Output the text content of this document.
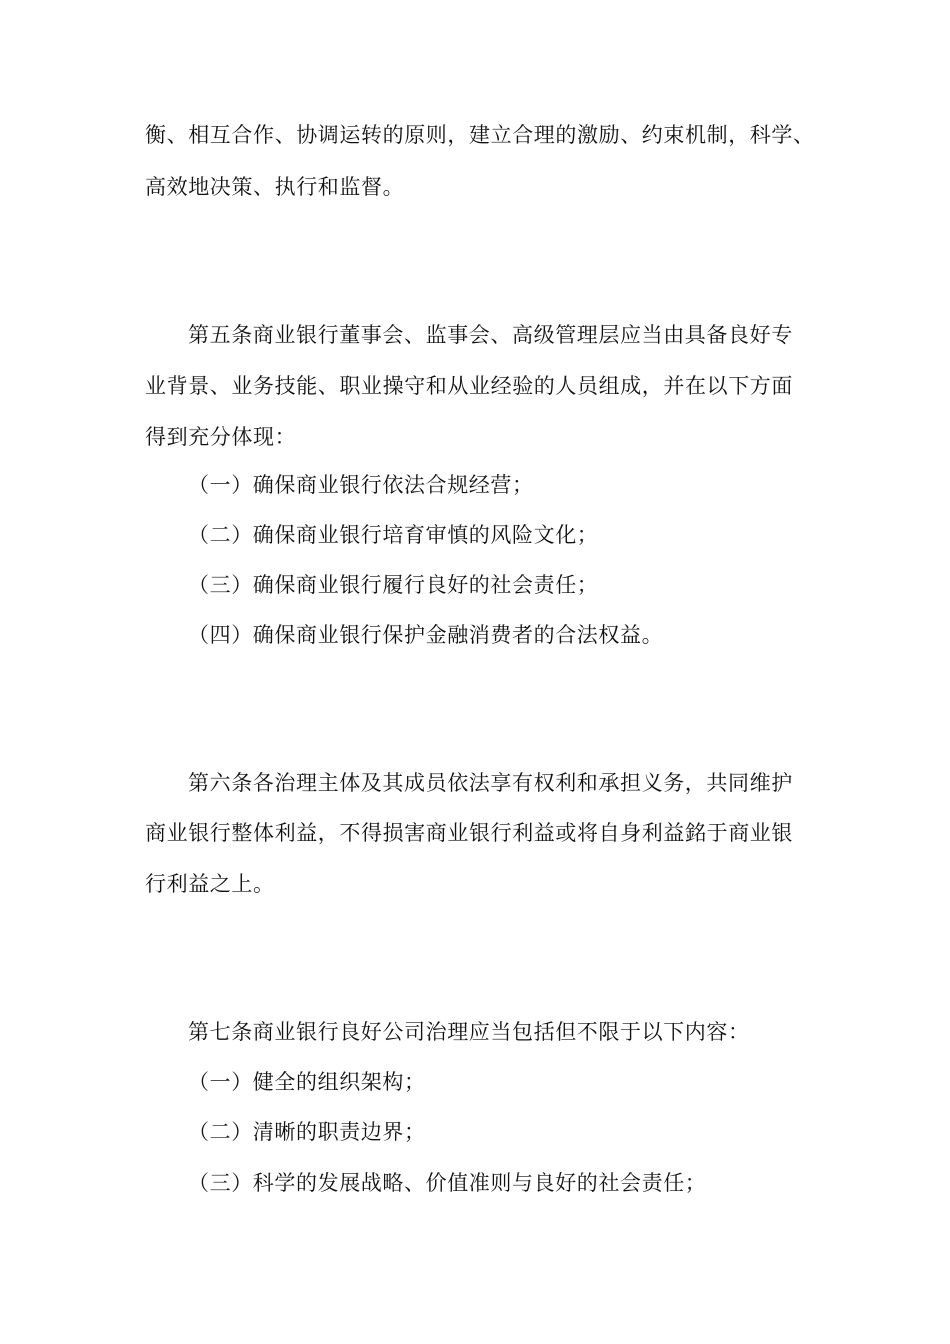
衡、相互合作、协调运转的原则，建立合理的激励、约束机制，科学、
高效地决策、执行和监督。
第五条商业银行董事会、监事会、高级管理层应当由具备良好专
业背景、业务技能、职业操守和从业经验的人员组成，并在以下方面
得到充分体现：
（一）确保商业银行依法合规经营；
（二）确保商业银行培育审慎的风险文化；
（三）确保商业银行履行良好的社会责任；
（四）确保商业银行保护金融消费者的合法权益。
第六条各治理主体及其成员依法享有权利和承担义务，共同维护
商业银行整体利益，不得损害商业银行利益或将自身利益銘于商业银
行利益之上。
第七条商业银行良好公司治理应当包括但不限于以下内容：
（一）健全的组织架构；
（二）清晰的职责边界；
（三）科学的发展战略、价值准则与良好的社会责任；
